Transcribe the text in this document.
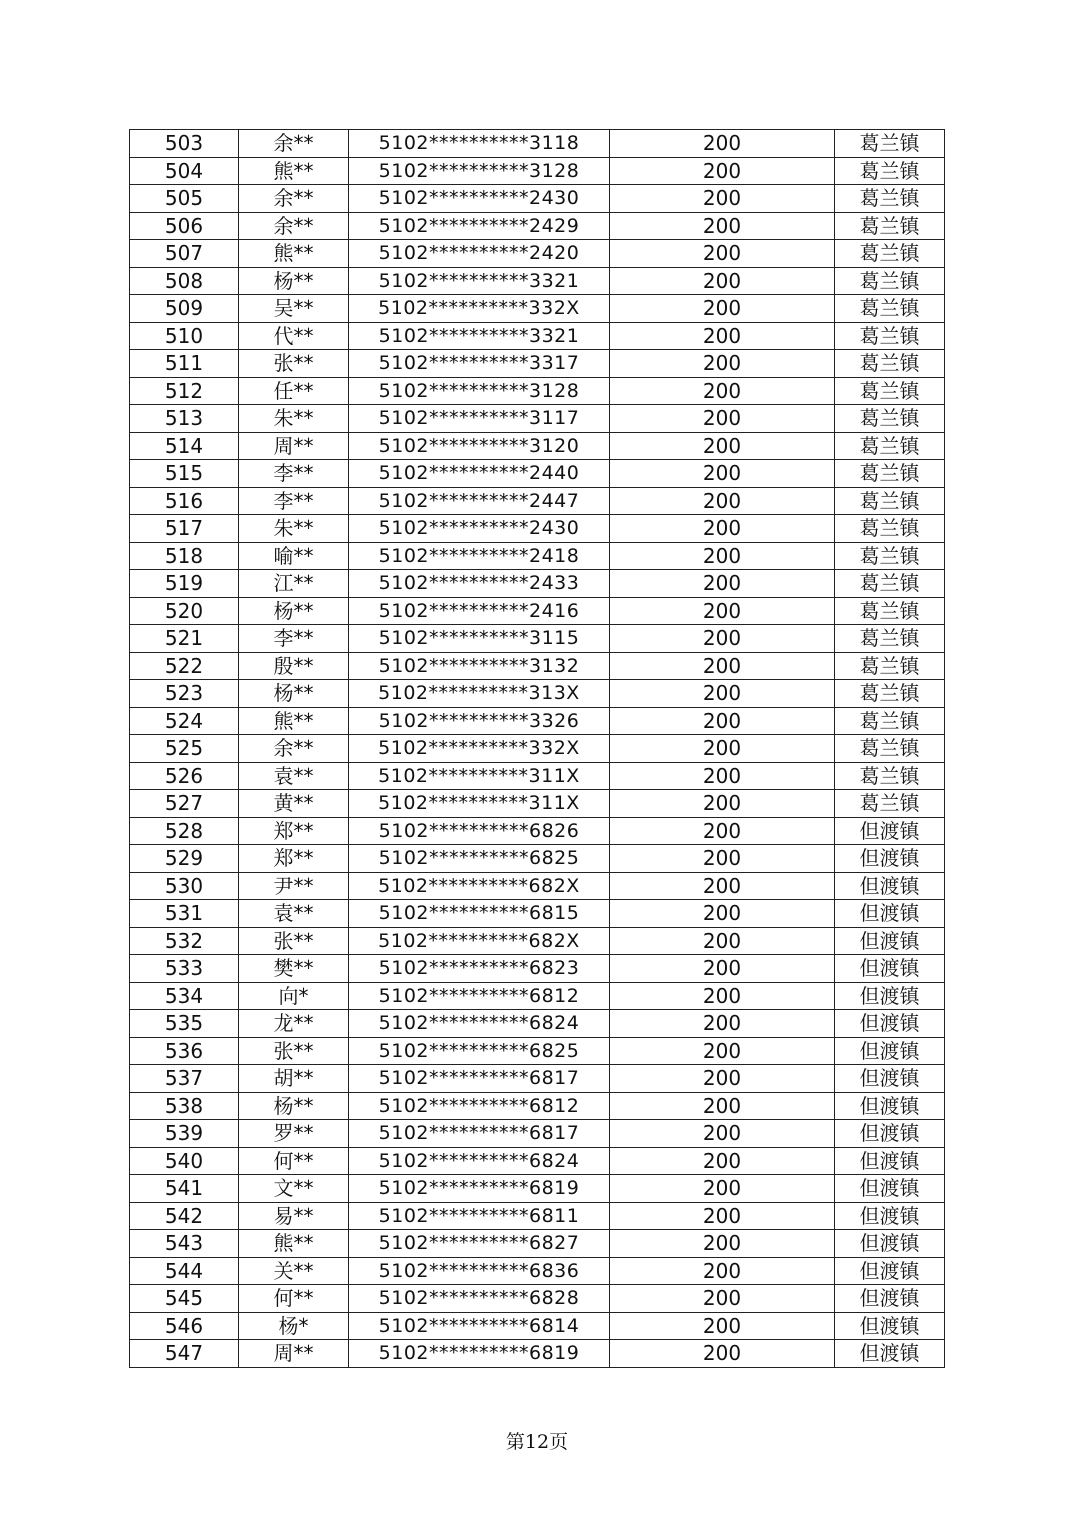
503	余**	5102**********3118	200	葛兰镇
504	熊**	5102**********3128	200	葛兰镇
505	余**	5102**********2430	200	葛兰镇
506	余**	5102**********2429	200	葛兰镇
507	熊**	5102**********2420	200	葛兰镇
508	杨**	5102**********3321	200	葛兰镇
509	吴**	5102**********332X	200	葛兰镇
510	代**	5102**********3321	200	葛兰镇
511	张**	5102**********3317	200	葛兰镇
512	任**	5102**********3128	200	葛兰镇
513	朱**	5102**********3117	200	葛兰镇
514	周**	5102**********3120	200	葛兰镇
515	李**	5102**********2440	200	葛兰镇
516	李**	5102**********2447	200	葛兰镇
517	朱**	5102**********2430	200	葛兰镇
518	喻**	5102**********2418	200	葛兰镇
519	江**	5102**********2433	200	葛兰镇
520	杨**	5102**********2416	200	葛兰镇
521	李**	5102**********3115	200	葛兰镇
522	殷**	5102**********3132	200	葛兰镇
523	杨**	5102**********313X	200	葛兰镇
524	熊**	5102**********3326	200	葛兰镇
525	余**	5102**********332X	200	葛兰镇
526	袁**	5102**********311X	200	葛兰镇
527	黄**	5102**********311X	200	葛兰镇
528	郑**	5102**********6826	200	但渡镇
529	郑**	5102**********6825	200	但渡镇
530	尹**	5102**********682X	200	但渡镇
531	袁**	5102**********6815	200	但渡镇
532	张**	5102**********682X	200	但渡镇
533	樊**	5102**********6823	200	但渡镇
534	向*	5102**********6812	200	但渡镇
535	龙**	5102**********6824	200	但渡镇
536	张**	5102**********6825	200	但渡镇
537	胡**	5102**********6817	200	但渡镇
538	杨**	5102**********6812	200	但渡镇
539	罗**	5102**********6817	200	但渡镇
540	何**	5102**********6824	200	但渡镇
541	文**	5102**********6819	200	但渡镇
542	易**	5102**********6811	200	但渡镇
543	熊**	5102**********6827	200	但渡镇
544	关**	5102**********6836	200	但渡镇
545	何**	5102**********6828	200	但渡镇
546	杨*	5102**********6814	200	但渡镇
547	周**	5102**********6819	200	但渡镇
第12页
